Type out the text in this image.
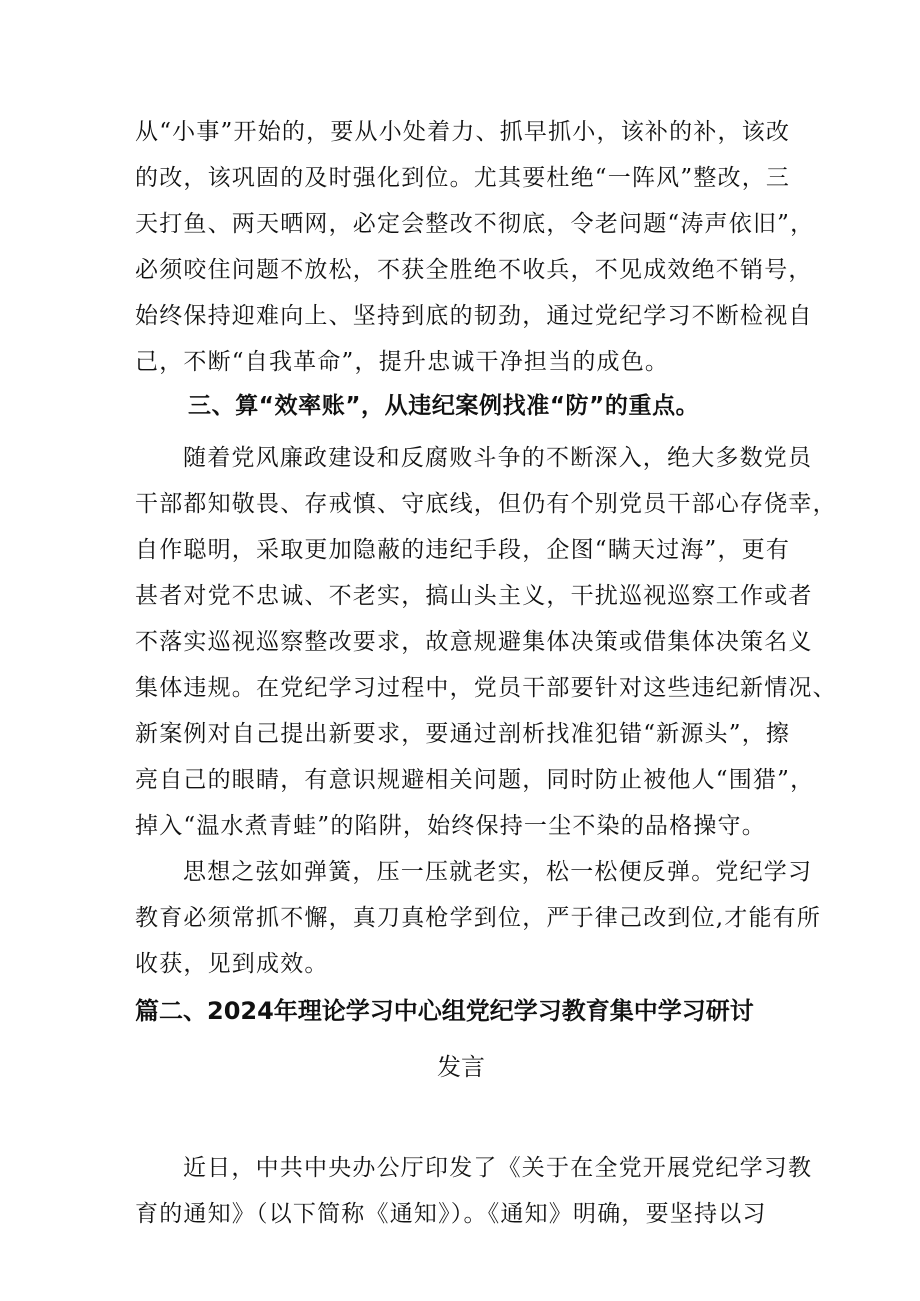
从“小事”开始的，要从小处着力、抓早抓小，该补的补，该改
的改，该巩固的及时强化到位。尤其要杜绝“一阵风”整改，三
天打鱼、两天晒网，必定会整改不彻底，令老问题“涛声依旧”，
必须咬住问题不放松，不获全胜绝不收兵，不见成效绝不销号，
始终保持迎难向上、坚持到底的韧劲，通过党纪学习不断检视自
己，不断“自我革命”，提升忠诚干净担当的成色。
三、算“效率账”，从违纪案例找准“防”的重点。
随着党风廉政建设和反腐败斗争的不断深入，绝大多数党员
干部都知敬畏、存戒慎、守底线，但仍有个别党员干部心存侥幸，
自作聪明，采取更加隐蔽的违纪手段，企图“瞒天过海”，更有
甚者对党不忠诚、不老实，搞山头主义，干扰巡视巡察工作或者
不落实巡视巡察整改要求，故意规避集体决策或借集体决策名义
集体违规。在党纪学习过程中，党员干部要针对这些违纪新情况、
新案例对自己提出新要求，要通过剖析找准犯错“新源头”，擦
亮自己的眼睛，有意识规避相关问题，同时防止被他人“围猎”，
掉入“温水煮青蛙”的陷阱，始终保持一尘不染的品格操守。
思想之弦如弹簧，压一压就老实，松一松便反弹。党纪学习
教育必须常抓不懈，真刀真枪学到位，严于律己改到位,才能有所
收获，见到成效。
篇二、2024年理论学习中心组党纪学习教育集中学习研讨
发言
近日，中共中央办公厅印发了《关于在全党开展党纪学习教
育的通知》（以下简称《通知》）。《通知》明确，要坚持以习
